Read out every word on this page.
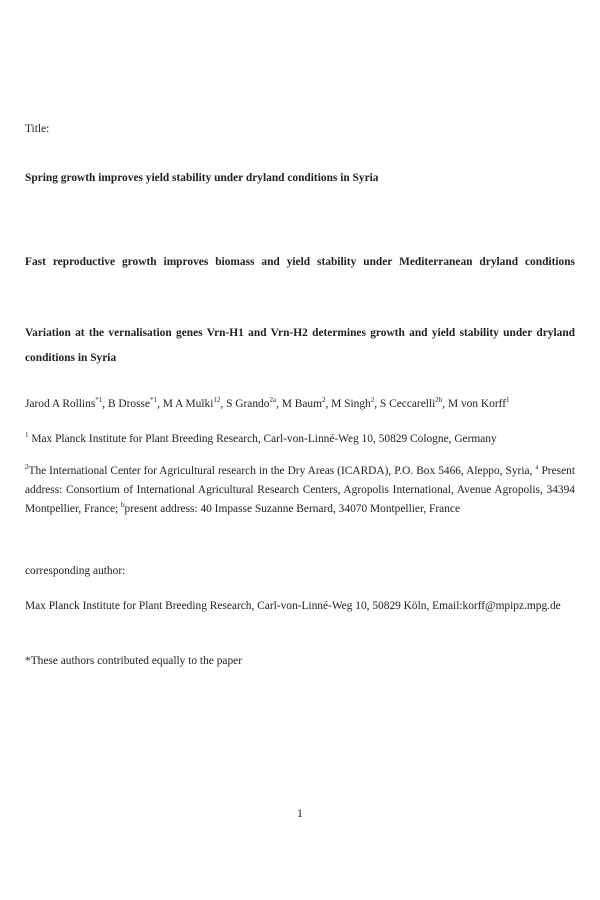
Title:

Spring growth improves yield stability under dryland conditions in Syria

Fast reproductive growth improves biomass and yield stability under Mediterranean dryland conditions

Variation at the vernalisation genes Vrn-H1 and Vrn-H2 determines growth and yield stability under dryland conditions in Syria

Jarod A Rollins$^{*1}$, B Drosse$^{*1}$, M A Mulki$^{12}$, S Grando$^{2a}$, M Baum$^2$, M Singh$^2$, S Ceccarelli$^{2b}$, M von Korff$^1$

$^1$ Max Planck Institute for Plant Breeding Research, Carl-von-Linné-Weg 10, 50829 Cologne, Germany

$^2$The International Center for Agricultural research in the Dry Areas (ICARDA), P.O. Box 5466, Aleppo, Syria, $^a$ Present address: Consortium of International Agricultural Research Centers, Agropolis International, Avenue Agropolis, 34394 Montpellier, France; $^b$present address: 40 Impasse Suzanne Bernard, 34070 Montpellier, France

corresponding author:

Max Planck Institute for Plant Breeding Research, Carl-von-Linné-Weg 10, 50829 Köln, Email:korff@mpipz.mpg.de

*These authors contributed equally to the paper

1
